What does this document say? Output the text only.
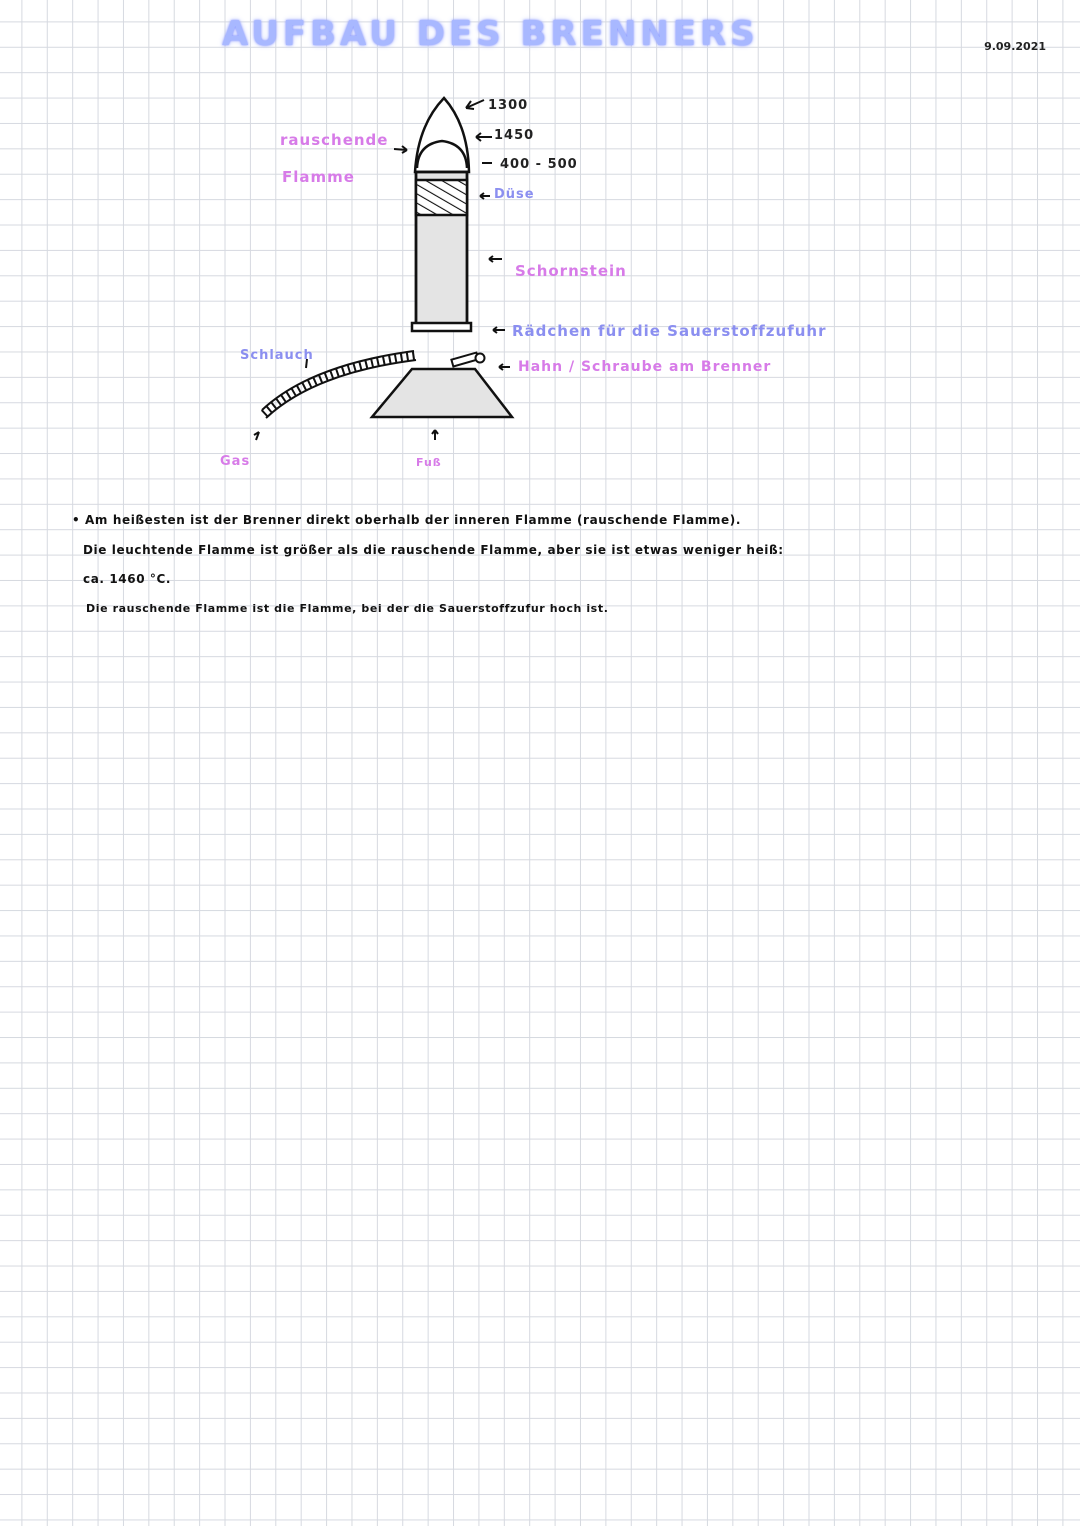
AUFBAU DES BRENNERS	9.09.2021
rauschende
Flamme
1300
1450
400 - 500
Düse
Schornstein
Rädchen für die Sauerstoffzufuhr
Schlauch
Hahn / Schraube am Brenner
Gas	Fuß
• Am heißesten ist der Brenner direkt oberhalb der inneren Flamme (rauschende Flamme).
Die leuchtende Flamme ist größer als die rauschende Flamme, aber sie ist etwas weniger heiß:
ca. 1460 °C.
Die rauschende Flamme ist die Flamme, bei der die Sauerstoffzufur hoch ist.
